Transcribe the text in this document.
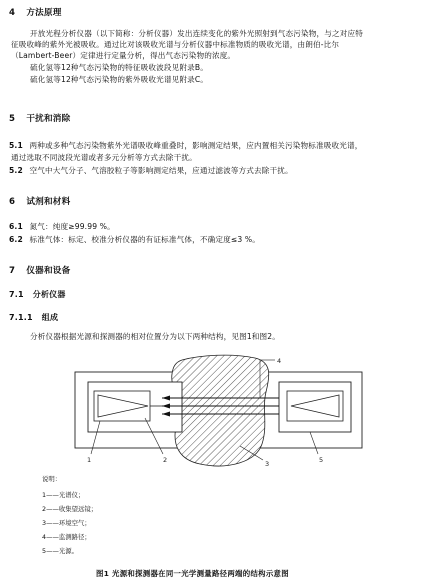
4 方法原理
开放光程分析仪器（以下简称：分析仪器）发出连续变化的紫外光照射到气态污染物，与之对应特
征吸收峰的紫外光被吸收。通过比对该吸收光谱与分析仪器中标准物质的吸收光谱，由朗伯-比尔
（Lambert-Beer）定律进行定量分析，得出气态污染物的浓度。
硫化氢等12种气态污染物的特征吸收波段见附录B。
硫化氢等12种气态污染物的紫外吸收光谱见附录C。
5 干扰和消除
5.1 两种或多种气态污染物紫外光谱吸收峰重叠时，影响测定结果，应内置相关污染物标准吸收光谱，
通过选取不同波段光谱或者多元分析等方式去除干扰。
5.2 空气中大气分子、气溶胶粒子等影响测定结果，应通过滤波等方式去除干扰。
6 试剂和材料
6.1 氮气：纯度≥99.99 %。
6.2 标准气体：标定、校准分析仪器的有证标准气体，不确定度≤3 %。
7 仪器和设备
7.1 分析仪器
7.1.1 组成
分析仪器根据光源和探测器的相对位置分为以下两种结构，见图1和图2。
1	2	3
4
5
说明：
1——光谱仪；
2——收集望远镜；
3——环境空气；
4——监测路径；
5——光源。
图1 光源和探测器在同一光学测量路径两端的结构示意图
